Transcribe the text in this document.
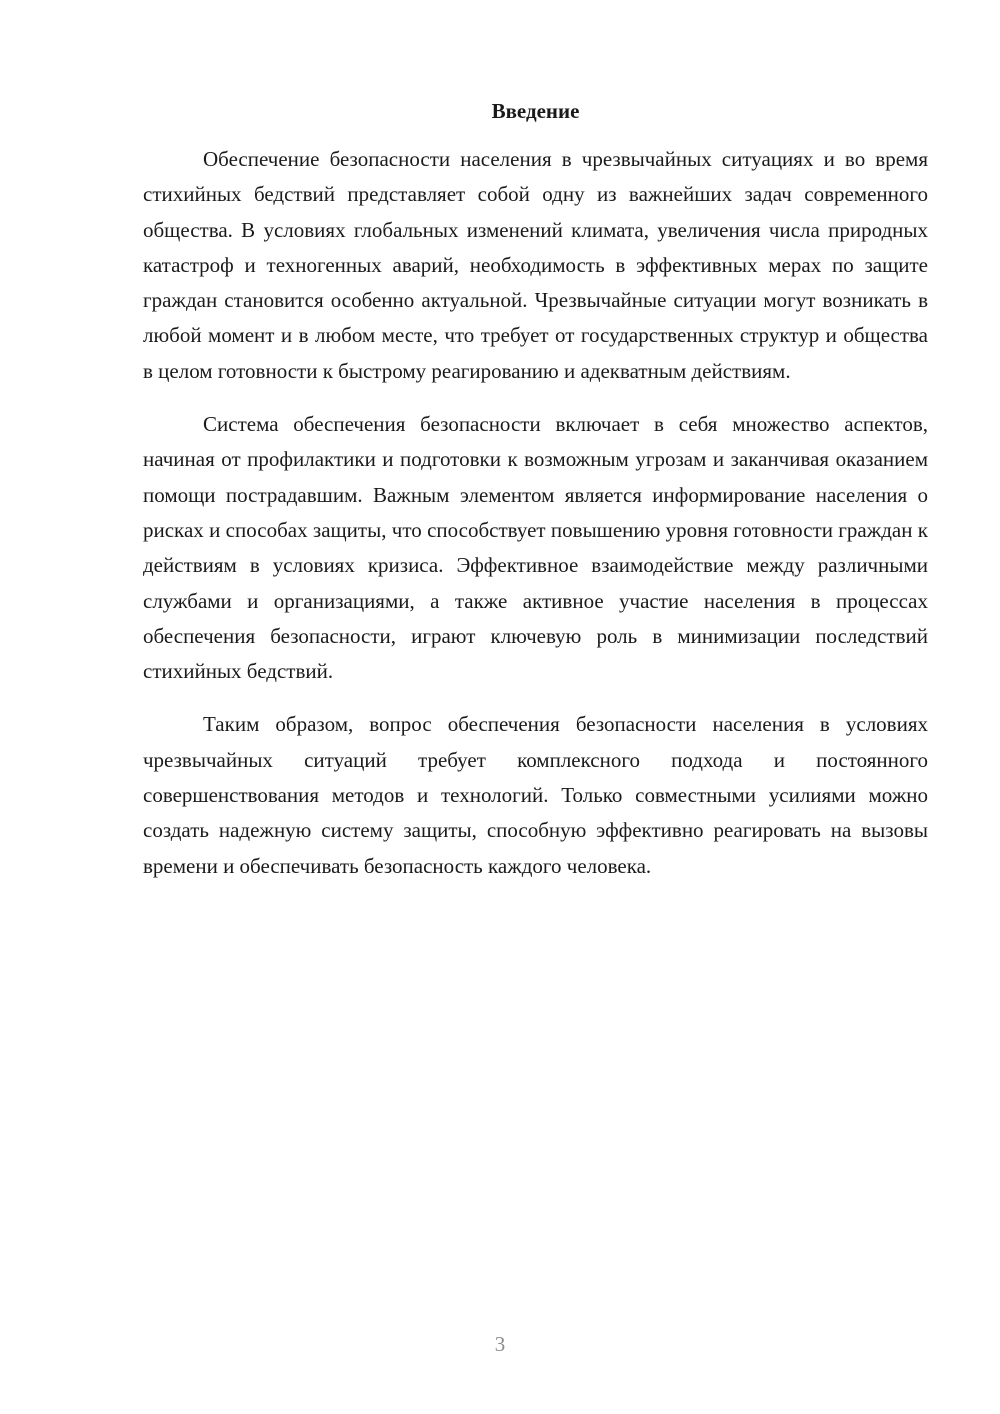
Введение

Обеспечение безопасности населения в чрезвычайных ситуациях и во время стихийных бедствий представляет собой одну из важнейших задач современного общества. В условиях глобальных изменений климата, увеличения числа природных катастроф и техногенных аварий, необходимость в эффективных мерах по защите граждан становится особенно актуальной. Чрезвычайные ситуации могут возникать в любой момент и в любом месте, что требует от государственных структур и общества в целом готовности к быстрому реагированию и адекватным действиям.

Система обеспечения безопасности включает в себя множество аспектов, начиная от профилактики и подготовки к возможным угрозам и заканчивая оказанием помощи пострадавшим. Важным элементом является информирование населения о рисках и способах защиты, что способствует повышению уровня готовности граждан к действиям в условиях кризиса. Эффективное взаимодействие между различными службами и организациями, а также активное участие населения в процессах обеспечения безопасности, играют ключевую роль в минимизации последствий стихийных бедствий.

Таким образом, вопрос обеспечения безопасности населения в условиях чрезвычайных ситуаций требует комплексного подхода и постоянного совершенствования методов и технологий. Только совместными усилиями можно создать надежную систему защиты, способную эффективно реагировать на вызовы времени и обеспечивать безопасность каждого человека.

3
